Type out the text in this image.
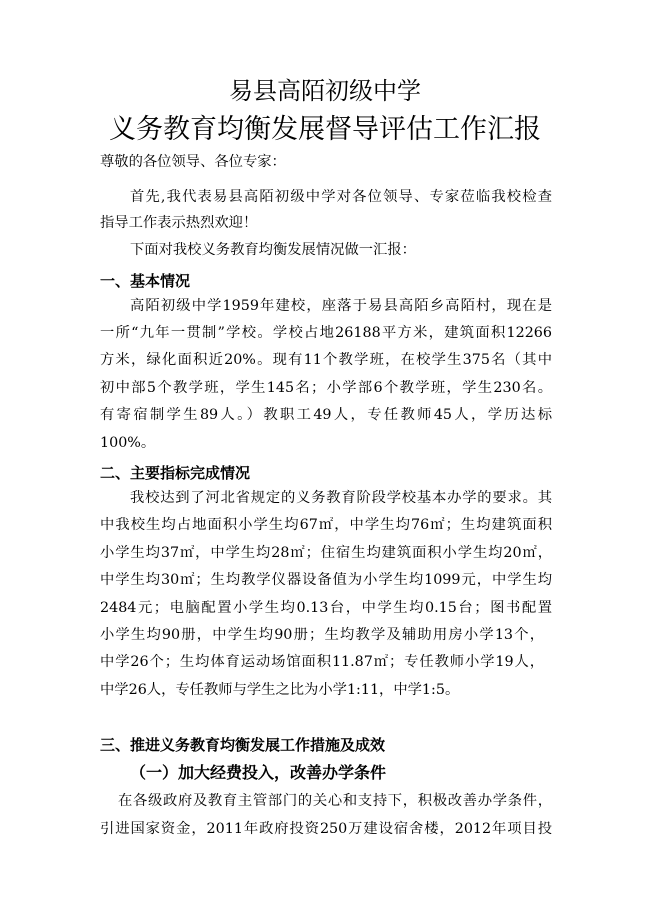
易县高陌初级中学
义务教育均衡发展督导评估工作汇报
尊敬的各位领导、各位专家：
首先,我代表易县高陌初级中学对各位领导、专家莅临我校检查
指导工作表示热烈欢迎！
下面对我校义务教育均衡发展情况做一汇报：
一、基本情况
高陌初级中学1959年建校，座落于易县高陌乡高陌村，现在是
一所“九年一贯制”学校。学校占地26188平方米，建筑面积12266
方米，绿化面积近20%。现有11个教学班，在校学生375名（其中
初中部5个教学班，学生145名；小学部6个教学班，学生230名。
有寄宿制学生89人。）教职工49人，专任教师45人，学历达标
100%。
二、主要指标完成情况
我校达到了河北省规定的义务教育阶段学校基本办学的要求。其
中我校生均占地面积小学生均67㎡，中学生均76㎡；生均建筑面积
小学生均37㎡，中学生均28㎡；住宿生均建筑面积小学生均20㎡，
中学生均30㎡；生均教学仪器设备值为小学生均1099元，中学生均
2484元；电脑配置小学生均0.13台，中学生均0.15台；图书配置
小学生均90册，中学生均90册；生均教学及辅助用房小学13个，
中学26个；生均体育运动场馆面积11.87㎡；专任教师小学19人，
中学26人，专任教师与学生之比为小学1:11，中学1:5。
三、推进义务教育均衡发展工作措施及成效
（一）加大经费投入，改善办学条件
在各级政府及教育主管部门的关心和支持下，积极改善办学条件，
引进国家资金，2011年政府投资250万建设宿舍楼，2012年项目投
